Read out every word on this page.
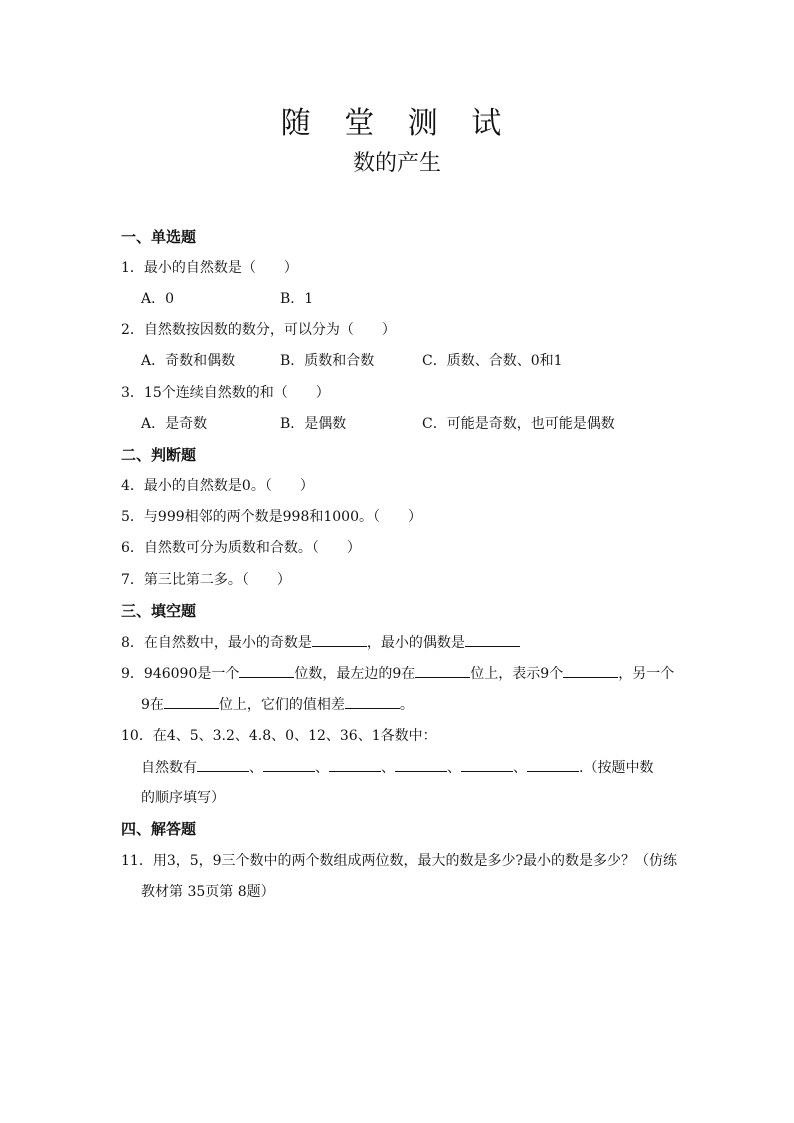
随 堂 测 试
数的产生
一、单选题
1．最小的自然数是（　　）
A．0	B．1
2．自然数按因数的数分，可以分为（　　）
A．奇数和偶数	B．质数和合数	C．质数、合数、0和1
3．15个连续自然数的和（　　）
A．是奇数	B．是偶数	C．可能是奇数，也可能是偶数
二、判断题
4．最小的自然数是0。（　　）
5．与999相邻的两个数是998和1000。（　　）
6．自然数可分为质数和合数。（　　）
7．第三比第二多。（　　）
三、填空题
8．在自然数中，最小的奇数是	，最小的偶数是
9．946090是一个	位数，最左边的9在	位上，表示9个	，另一个
9在	位上，它们的值相差	。
10．在4、5、3.2、4.8、0、12、36、1各数中：
自然数有	、	、	、	、	、	.（按题中数
的顺序填写）
四、解答题
11．用3，5，9三个数中的两个数组成两位数，最大的数是多少?最小的数是多少？（仿练
教材第 35页第 8题）
